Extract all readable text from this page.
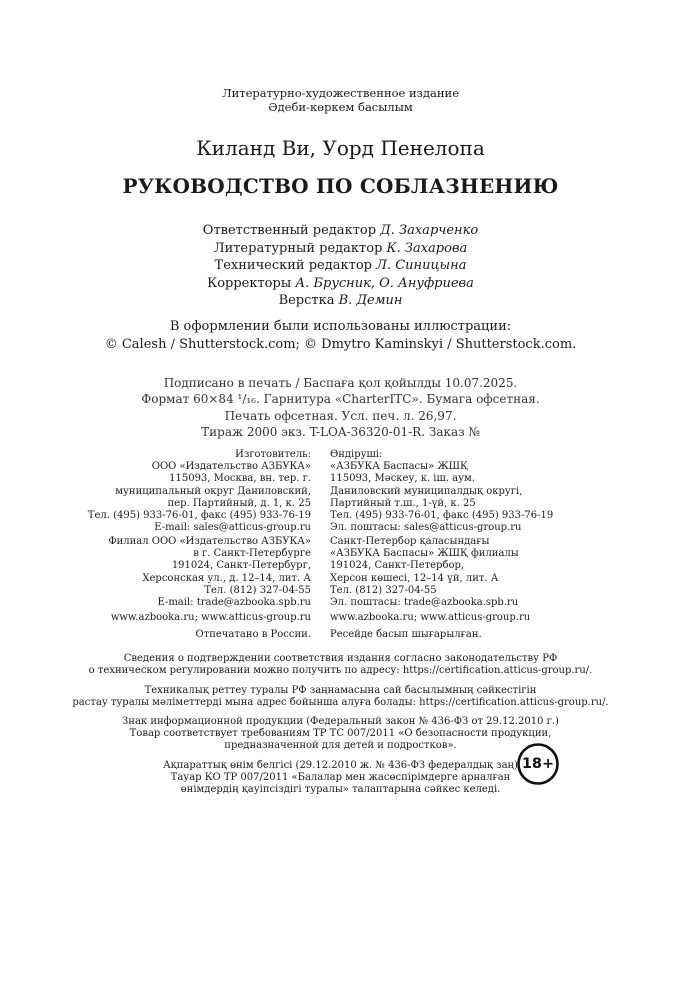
Литературно-художественное издание
Әдеби-көркем басылым
Киланд Ви, Уорд Пенелопа
РУКОВОДСТВО ПО СОБЛАЗНЕНИЮ
Ответственный редактор Д. Захарченко
Литературный редактор К. Захарова
Технический редактор Л. Синицына
Корректоры А. Брусник, О. Ануфриева
Верстка В. Демин
В оформлении были использованы иллюстрации:
© Calesh / Shutterstock.com; © Dmytro Kaminskyi / Shutterstock.com.
Подписано в печать / Баспаға қол қойылды 10.07.2025.
Формат 60×84 ¹/₁₆. Гарнитура «CharterITC». Бумага офсетная.
Печать офсетная. Усл. печ. л. 26,97.
Тираж 2000 экз. T-LOA-36320-01-R. Заказ №
Изготовитель:
ООО «Издательство АЗБУКА»
115093, Москва, вн. тер. г.
муниципальный округ Даниловский,
пер. Партийный, д. 1, к. 25
Тел. (495) 933-76-01, факс (495) 933-76-19
E-mail: sales@atticus-group.ru
Өндіруші:
«АЗБУКА Баспасы» ЖШҚ
115093, Мәскеу, к. іш. аум.
Даниловский муниципалдық округі,
Партийный т.ш., 1-үй, к. 25
Тел. (495) 933-76-01, факс (495) 933-76-19
Эл. поштасы: sales@atticus-group.ru
Филиал ООО «Издательство АЗБУКА»
в г. Санкт-Петербурге
191024, Санкт-Петербург,
Херсонская ул., д. 12–14, лит. А
Тел. (812) 327-04-55
E-mail: trade@azbooka.spb.ru
Санкт-Петербор қаласындағы
«АЗБУКА Баспасы» ЖШҚ филиалы
191024, Санкт-Петербор,
Херсон көшесі, 12–14 үй, лит. А
Тел. (812) 327-04-55
Эл. поштасы: trade@azbooka.spb.ru
www.azbooka.ru; www.atticus-group.ru www.azbooka.ru; www.atticus-group.ru
Отпечатано в России. Ресейде басып шығарылған.
Сведения о подтверждении соответствия издания согласно законодательству РФ
о техническом регулировании можно получить по адресу: https://certification.atticus-group.ru/.
Техникалық реттеу туралы РФ заңнамасына сай басылымның сәйкестігін
растау туралы мәліметтерді мына адрес бойынша алуға болады: https://certification.atticus-group.ru/.
Знак информационной продукции (Федеральный закон № 436-ФЗ от 29.12.2010 г.)
Товар соответствует требованиям ТР ТС 007/2011 «О безопасности продукции,
предназначенной для детей и подростков».
Ақпараттық өнім белгісі (29.12.2010 ж. № 436-ФЗ федералдық заң)
Тауар КО ТР 007/2011 «Балалар мен жасөспірімдерге арналған
өнімдердің қауіпсіздігі туралы» талаптарына сәйкес келеді.
18+
